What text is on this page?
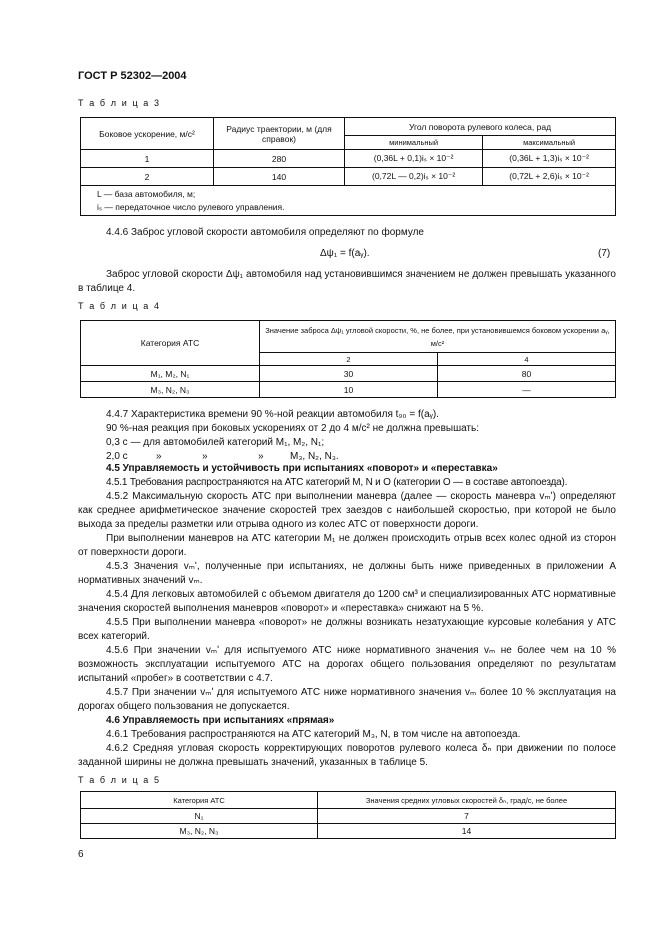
ГОСТ Р 52302—2004
Т а б л и ц а 3
Боковое ускорение, м/с²	Радиус траектории, м (для справок)	Угол поворота рулевого колеса, рад	
		минимальный	максимальный
1	280	(0,36L + 0,1)iₛ × 10⁻²	(0,36L + 1,3)iₛ × 10⁻²
2	140	(0,72L — 0,2)iₛ × 10⁻²	(0,72L + 2,6)iₛ × 10⁻²

L — база автомобиля, м;
iₛ — передаточное число рулевого управления.			
4.4.6 Заброс угловой скорости автомобиля определяют по формуле
Δψ₁ = f(aᵧ).	(7)
Заброс угловой скорости Δψ₁ автомобиля над установившимся значением не должен превышать указанного в таблице 4.
Т а б л и ц а 4
Категория АТС	Значение заброса Δψ₁ угловой скорости, %, не более, при установившемся боковом ускорении aᵧ, м/с²	
	2	4
M₁, M₂, N₁	30	80
M₃, N₂, N₃	10	—
4.4.7 Характеристика времени 90 %-ной реакции автомобиля t₉₀ = f(aᵧ).
90 %-ная реакция при боковых ускорениях от 2 до 4 м/с² не должна превышать:
0,3 с — для автомобилей категорий M₁, M₂, N₁;
2,0 с	»	»	»	M₃, N₂, N₃.
4.5 Управляемость и устойчивость при испытаниях «поворот» и «переставка»
4.5.1 Требования распространяются на АТС категорий M, N и O (категории O — в составе автопоезда).
4.5.2 Максимальную скорость АТС при выполнении маневра (далее — скорость маневра vₘʹ) определяют как среднее арифметическое значение скоростей трех заездов с наибольшей скоростью, при которой не было выхода за пределы разметки или отрыва одного из колес АТС от поверхности дороги.
При выполнении маневров на АТС категории M₁ не должен происходить отрыв всех колес одной из сторон от поверхности дороги.
4.5.3 Значения vₘʹ, полученные при испытаниях, не должны быть ниже приведенных в приложении А нормативных значений vₘ.
4.5.4 Для легковых автомобилей с объемом двигателя до 1200 см³ и специализированных АТС нормативные значения скоростей выполнения маневров «поворот» и «переставка» снижают на 5 %.
4.5.5 При выполнении маневра «поворот» не должны возникать незатухающие курсовые колебания у АТС всех категорий.
4.5.6 При значении vₘʹ для испытуемого АТС ниже нормативного значения vₘ не более чем на 10 % возможность эксплуатации испытуемого АТС на дорогах общего пользования определяют по результатам испытаний «пробег» в соответствии с 4.7.
4.5.7 При значении vₘʹ для испытуемого АТС ниже нормативного значения vₘ более 10 % эксплуатация на дорогах общего пользования не допускается.
4.6 Управляемость при испытаниях «прямая»
4.6.1 Требования распространяются на АТС категорий M₃, N, в том числе на автопоезда.
4.6.2 Средняя угловая скорость корректирующих поворотов рулевого колеса δₙ при движении по полосе заданной ширины не должна превышать значений, указанных в таблице 5.
Т а б л и ц а 5
Категория АТС	Значения средних угловых скоростей δₙ, град/с, не более
N₁	7
M₃, N₂, N₃	14
6
